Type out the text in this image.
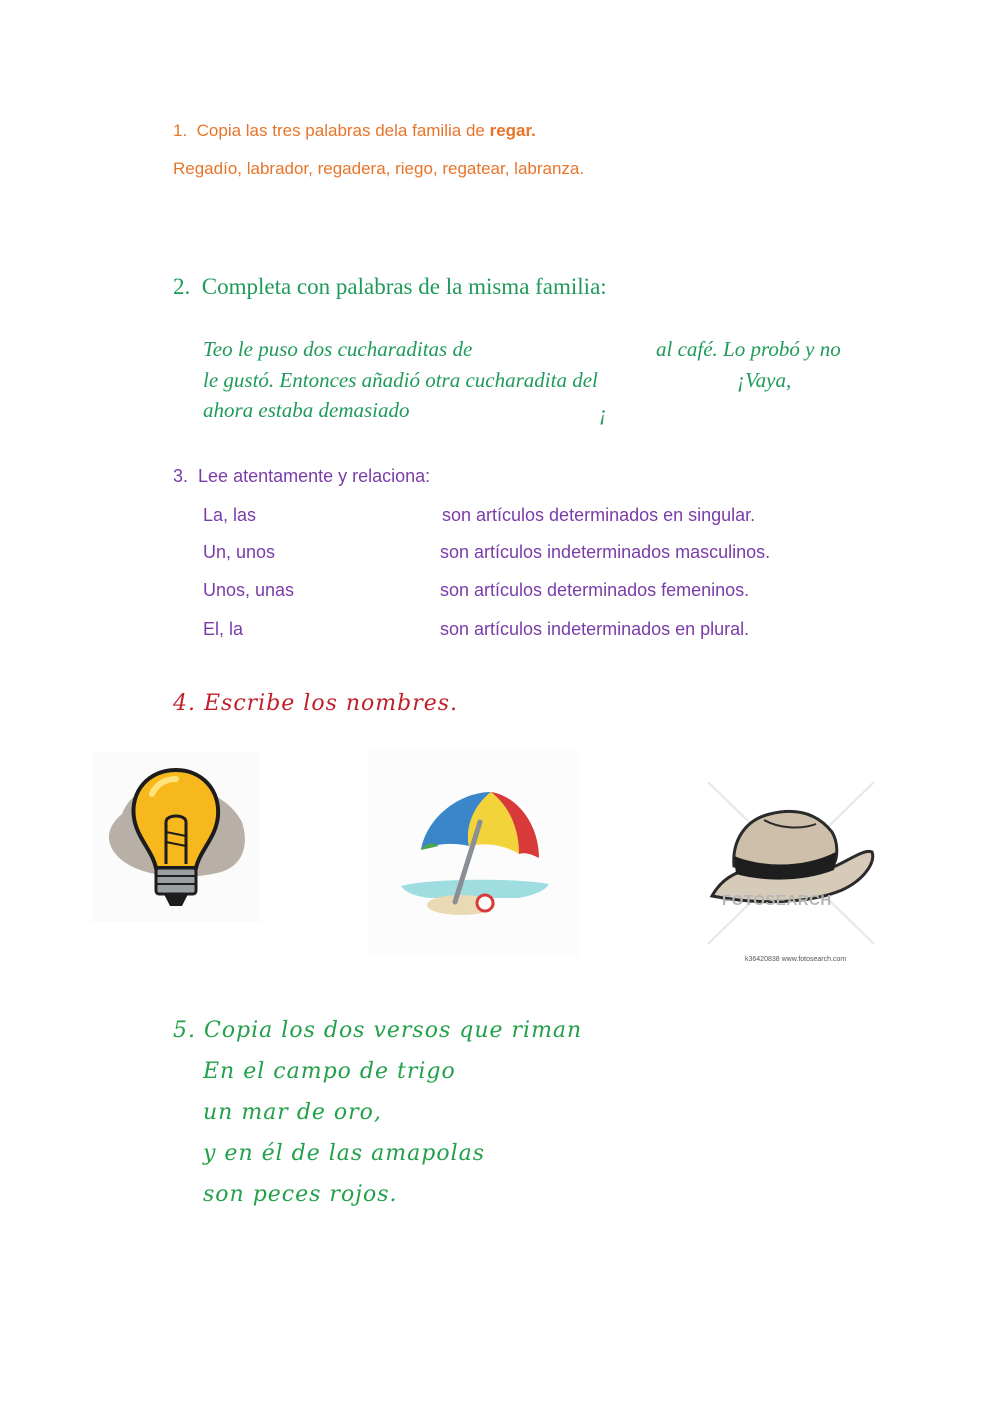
1. Copia las tres palabras dela familia de regar.
Regadío, labrador, regadera, riego, regatear, labranza.
2. Completa con palabras de la misma familia:
Teo le puso dos cucharaditas de	al café. Lo probó y no
le gustó. Entonces añadió otra cucharadita del	¡Vaya,
ahora estaba demasiado	¡
3. Lee atentamente y relaciona:
La, las	son artículos determinados en singular.
Un, unos	son artículos indeterminados masculinos.
Unos, unas	son artículos determinados femeninos.
El, la	son artículos indeterminados en plural.
4. Escribe los nombres.
FOTOSEARCH
k36420838 www.fotosearch.com
5. Copia los dos versos que riman
En el campo de trigo
un mar de oro,
y en él de las amapolas
son peces rojos.
